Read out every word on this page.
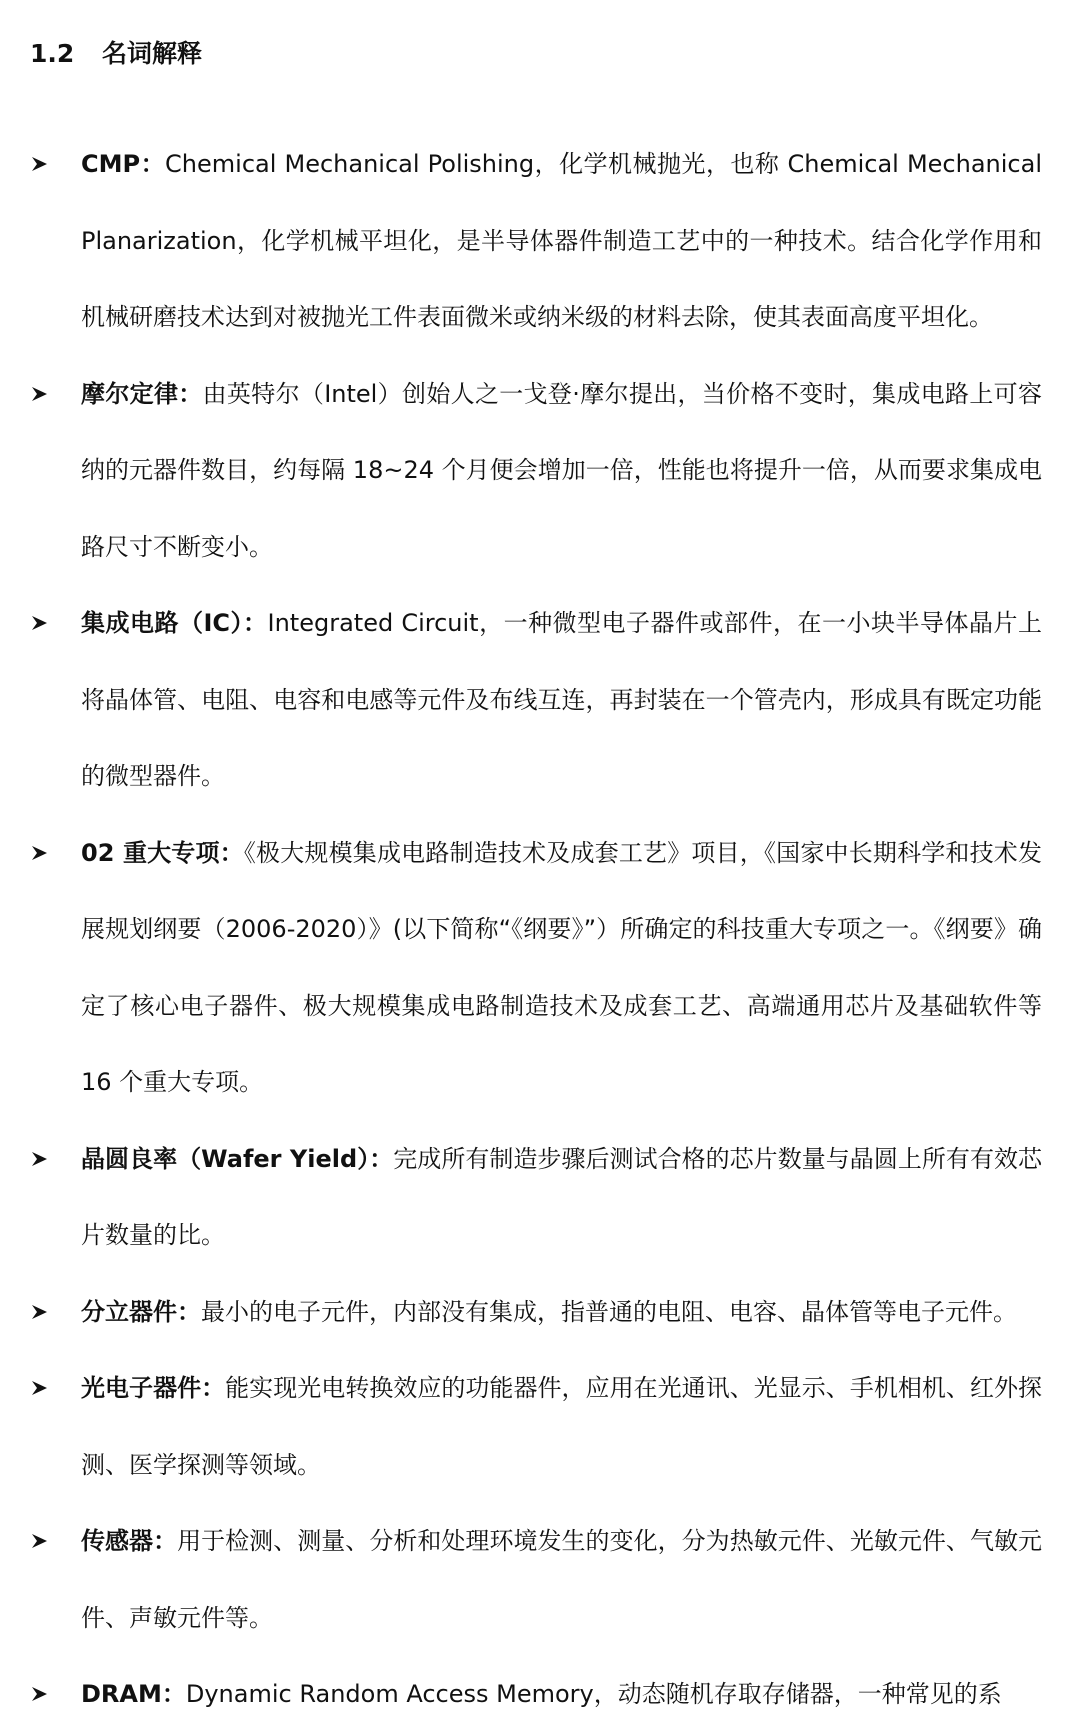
1.2 名词解释
CMP：Chemical Mechanical Polishing，化学机械抛光，也称 Chemical Mechanical Planarization，化学机械平坦化，是半导体器件制造工艺中的一种技术。结合化学作用和机械研磨技术达到对被抛光工件表面微米或纳米级的材料去除，使其表面高度平坦化。
摩尔定律：由英特尔（Intel）创始人之一戈登·摩尔提出，当价格不变时，集成电路上可容纳的元器件数目，约每隔 18~24 个月便会增加一倍，性能也将提升一倍，从而要求集成电路尺寸不断变小。
集成电路（IC）：Integrated Circuit，一种微型电子器件或部件，在一小块半导体晶片上将晶体管、电阻、电容和电感等元件及布线互连，再封装在一个管壳内，形成具有既定功能的微型器件。
02 重大专项：《极大规模集成电路制造技术及成套工艺》项目，《国家中长期科学和技术发展规划纲要（2006-2020）》(以下简称“《纲要》”）所确定的科技重大专项之一。《纲要》确定了核心电子器件、极大规模集成电路制造技术及成套工艺、高端通用芯片及基础软件等 16 个重大专项。
晶圆良率（Wafer Yield）：完成所有制造步骤后测试合格的芯片数量与晶圆上所有有效芯片数量的比。
分立器件：最小的电子元件，内部没有集成，指普通的电阻、电容、晶体管等电子元件。
光电子器件：能实现光电转换效应的功能器件，应用在光通讯、光显示、手机相机、红外探测、医学探测等领域。
传感器：用于检测、测量、分析和处理环境发生的变化，分为热敏元件、光敏元件、气敏元件、声敏元件等。
DRAM：Dynamic Random Access Memory，动态随机存取存储器，一种常见的系
